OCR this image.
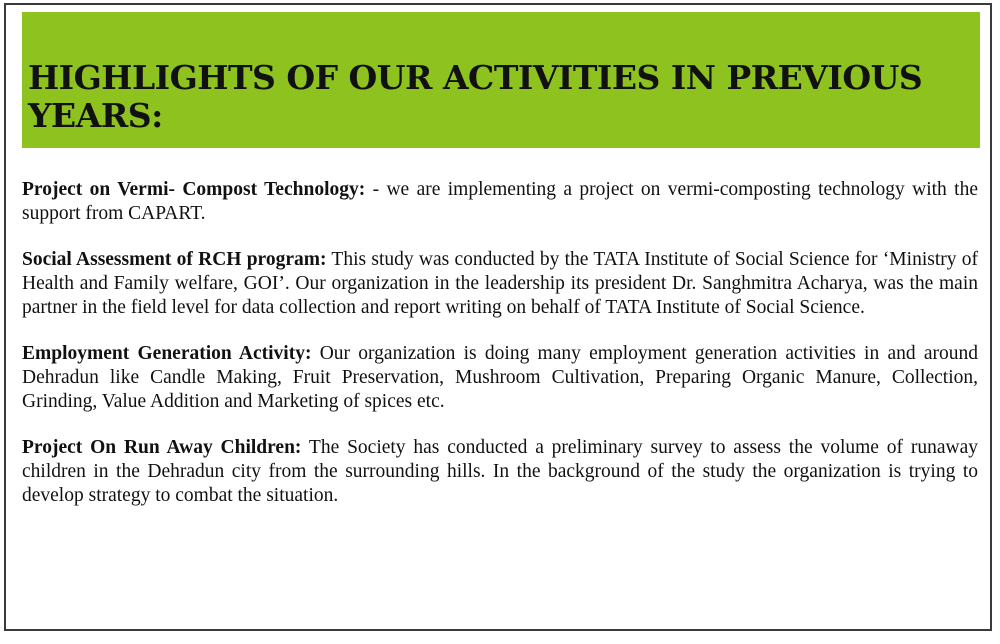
HIGHLIGHTS OF OUR ACTIVITIES IN PREVIOUS YEARS:

Project on Vermi- Compost Technology: - we are implementing a project on vermi-composting technology with the support from CAPART.

Social Assessment of RCH program: This study was conducted by the TATA Institute of Social Science for ‘Ministry of Health and Family welfare, GOI’. Our organization in the leadership its president Dr. Sanghmitra Acharya, was the main partner in the field level for data collection and report writing on behalf of TATA Institute of Social Science.

Employment Generation Activity: Our organization is doing many employment generation activities in and around Dehradun like Candle Making, Fruit Preservation, Mushroom Cultivation, Preparing Organic Manure, Collection, Grinding, Value Addition and Marketing of spices etc.

Project On Run Away Children: The Society has conducted a preliminary survey to assess the volume of runaway children in the Dehradun city from the surrounding hills. In the background of the study the organization is trying to develop strategy to combat the situation.
